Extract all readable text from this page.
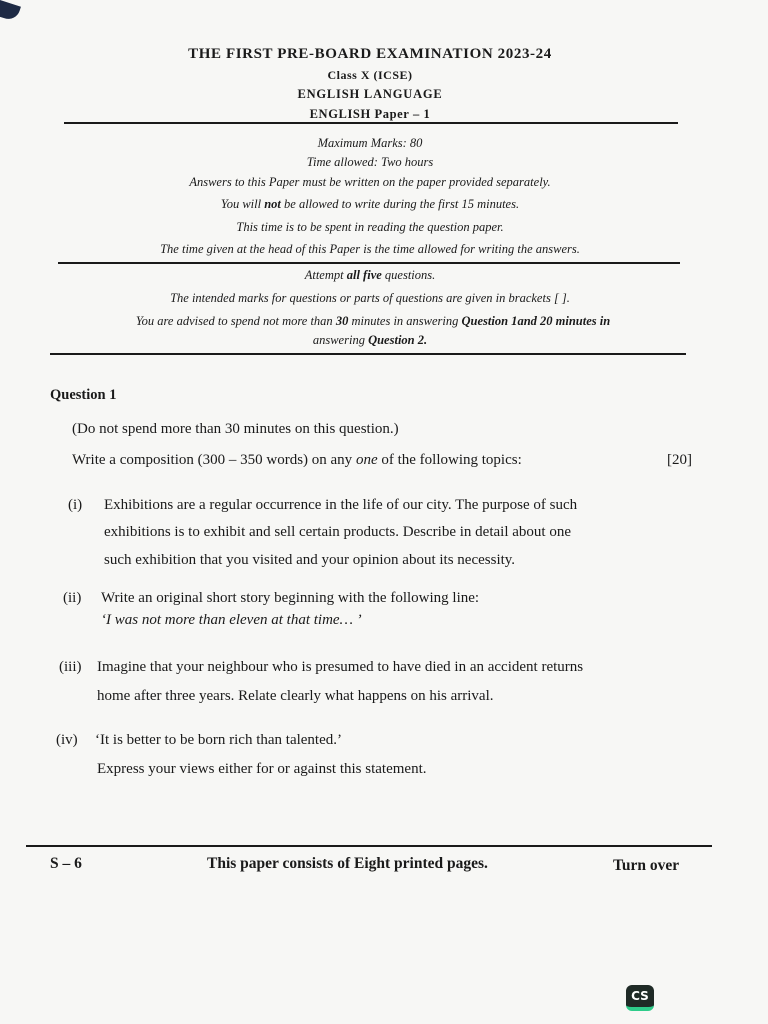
THE FIRST PRE-BOARD EXAMINATION 2023-24
Class X (ICSE)
ENGLISH LANGUAGE
ENGLISH Paper – 1
Maximum Marks: 80
Time allowed: Two hours
Answers to this Paper must be written on the paper provided separately.
You will not be allowed to write during the first 15 minutes.
This time is to be spent in reading the question paper.
The time given at the head of this Paper is the time allowed for writing the answers.
Attempt all five questions.
The intended marks for questions or parts of questions are given in brackets [ ].
You are advised to spend not more than 30 minutes in answering Question 1and 20 minutes in
answering Question 2.
Question 1
(Do not spend more than 30 minutes on this question.)
Write a composition (300 – 350 words) on any one of the following topics:	[20]
(i) Exhibitions are a regular occurrence in the life of our city. The purpose of such
exhibitions is to exhibit and sell certain products. Describe in detail about one
such exhibition that you visited and your opinion about its necessity.
(ii) Write an original short story beginning with the following line:
‘I was not more than eleven at that time… ’
(iii) Imagine that your neighbour who is presumed to have died in an accident returns
home after three years. Relate clearly what happens on his arrival.
(iv) ‘It is better to be born rich than talented.’
Express your views either for or against this statement.
S – 6	This paper consists of Eight printed pages.	Turn over
CS
